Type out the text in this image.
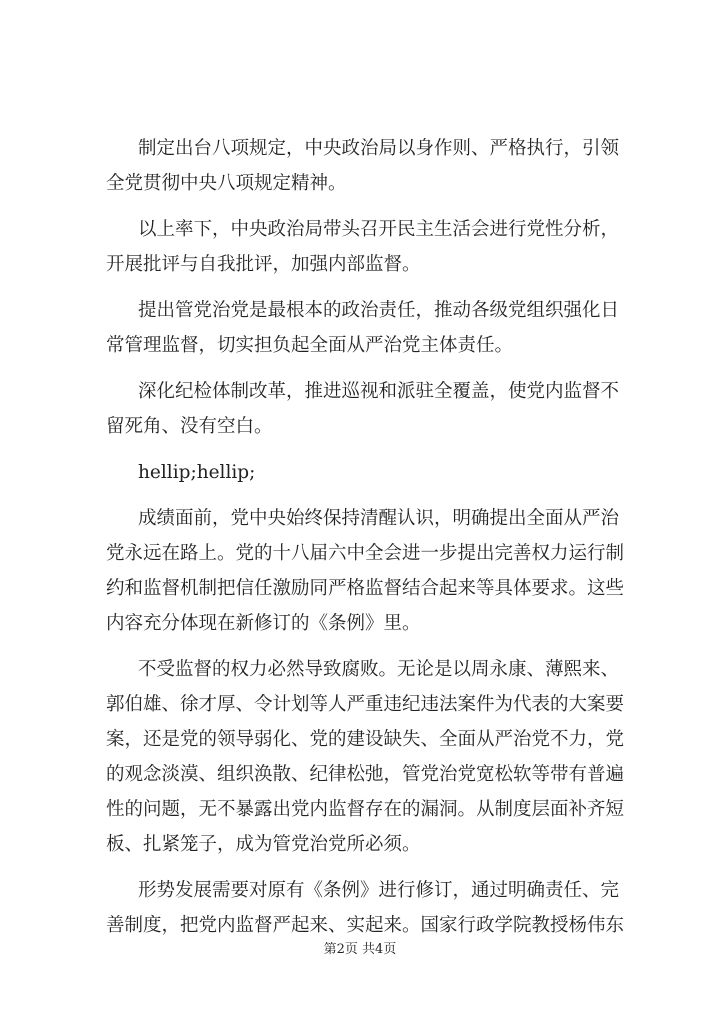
制定出台八项规定，中央政治局以身作则、严格执行，引领
全党贯彻中央八项规定精神。
以上率下，中央政治局带头召开民主生活会进行党性分析，
开展批评与自我批评，加强内部监督。
提出管党治党是最根本的政治责任，推动各级党组织强化日
常管理监督，切实担负起全面从严治党主体责任。
深化纪检体制改革，推进巡视和派驻全覆盖，使党内监督不
留死角、没有空白。
hellip;hellip;
成绩面前，党中央始终保持清醒认识，明确提出全面从严治
党永远在路上。党的十八届六中全会进一步提出完善权力运行制
约和监督机制把信任激励同严格监督结合起来等具体要求。这些
内容充分体现在新修订的《条例》里。
不受监督的权力必然导致腐败。无论是以周永康、薄熙来、
郭伯雄、徐才厚、令计划等人严重违纪违法案件为代表的大案要
案，还是党的领导弱化、党的建设缺失、全面从严治党不力，党
的观念淡漠、组织涣散、纪律松弛，管党治党宽松软等带有普遍
性的问题，无不暴露出党内监督存在的漏洞。从制度层面补齐短
板、扎紧笼子，成为管党治党所必须。
形势发展需要对原有《条例》进行修订，通过明确责任、完
善制度，把党内监督严起来、实起来。国家行政学院教授杨伟东
第2页 共4页
